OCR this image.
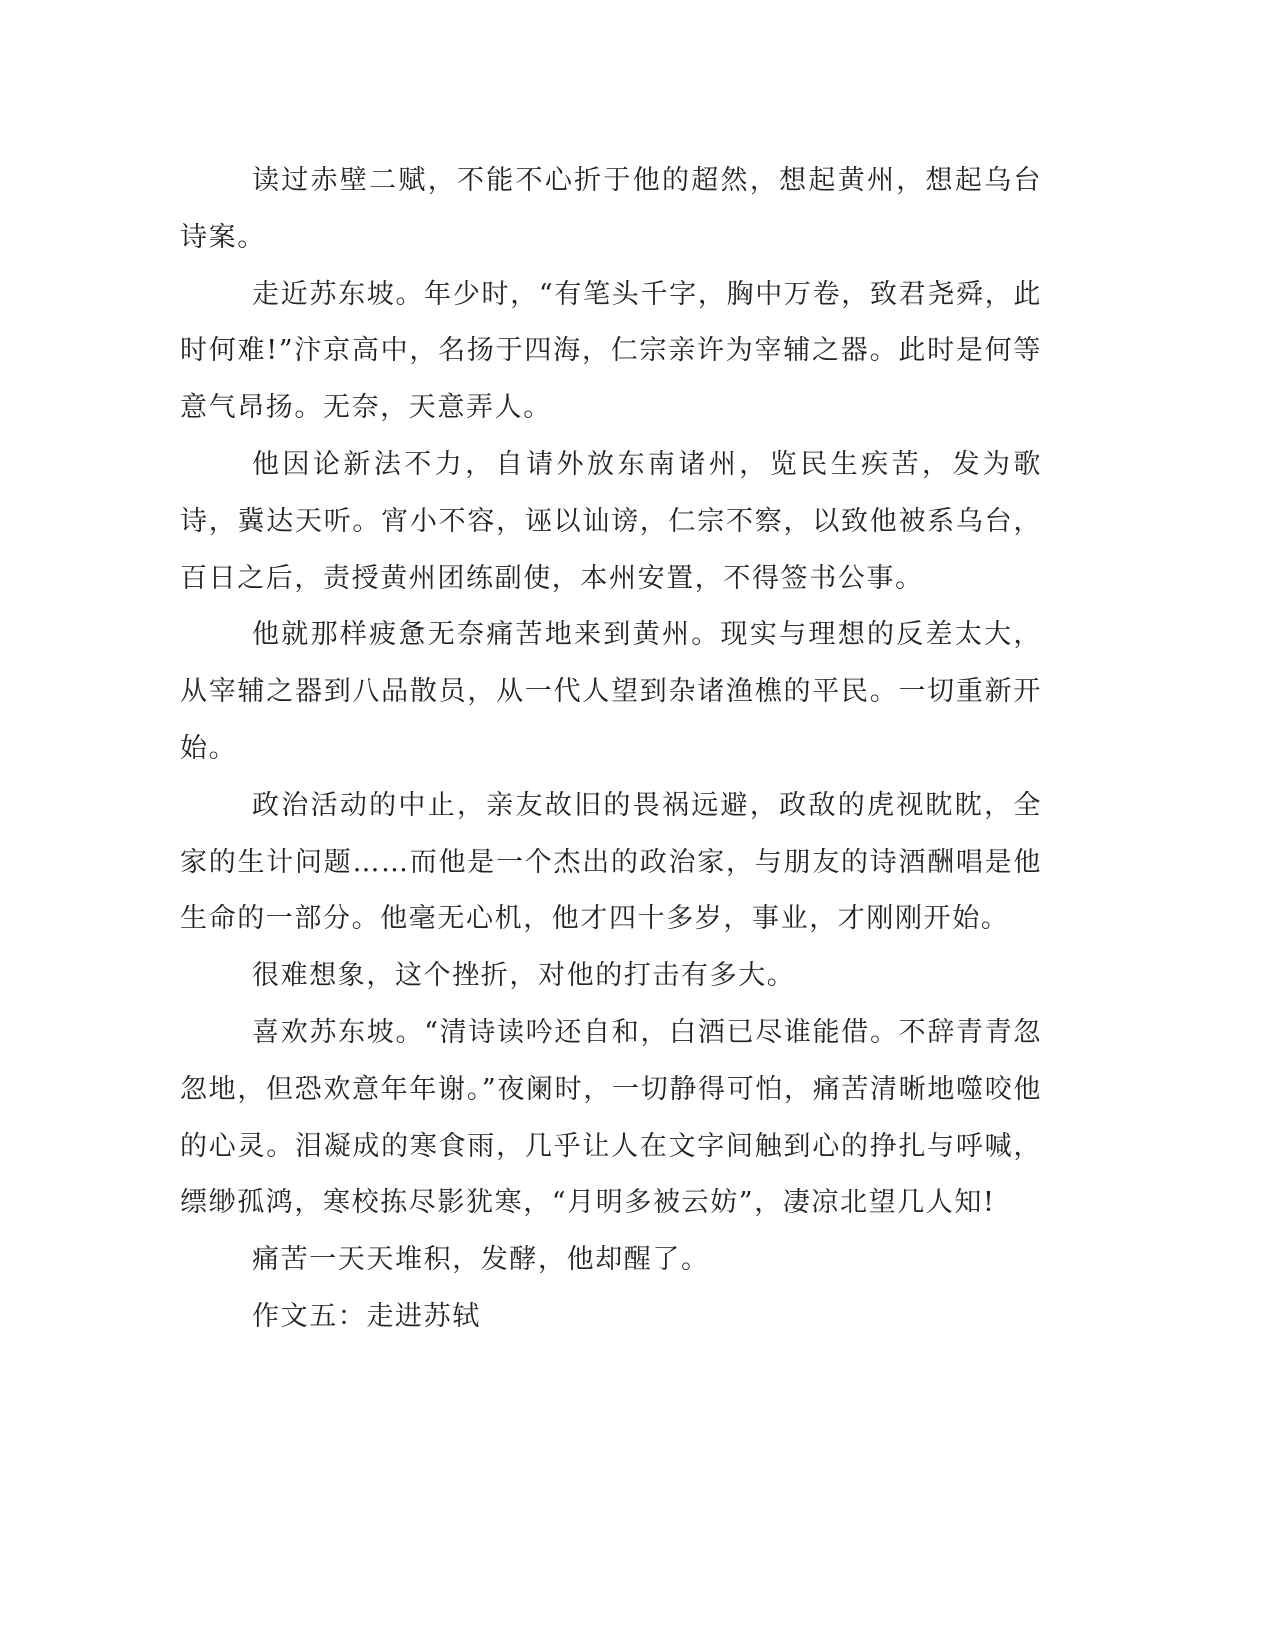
读过赤壁二赋，不能不心折于他的超然，想起黄州，想起乌台诗案。

走近苏东坡。年少时，“有笔头千字，胸中万卷，致君尧舜，此时何难!”汴京高中，名扬于四海，仁宗亲许为宰辅之器。此时是何等意气昂扬。无奈，天意弄人。

他因论新法不力，自请外放东南诸州，览民生疾苦，发为歌诗，冀达天听。宵小不容，诬以讪谤，仁宗不察，以致他被系乌台，百日之后，责授黄州团练副使，本州安置，不得签书公事。

他就那样疲惫无奈痛苦地来到黄州。现实与理想的反差太大，从宰辅之器到八品散员，从一代人望到杂诸渔樵的平民。一切重新开始。

政治活动的中止，亲友故旧的畏祸远避，政敌的虎视眈眈，全家的生计问题……而他是一个杰出的政治家，与朋友的诗酒酬唱是他生命的一部分。他毫无心机，他才四十多岁，事业，才刚刚开始。

很难想象，这个挫折，对他的打击有多大。

喜欢苏东坡。“清诗读吟还自和，白酒已尽谁能借。不辞青青忽忽地，但恐欢意年年谢。”夜阑时，一切静得可怕，痛苦清晰地噬咬他的心灵。泪凝成的寒食雨，几乎让人在文字间触到心的挣扎与呼喊，缥缈孤鸿，寒校拣尽影犹寒，“月明多被云妨”，凄凉北望几人知!

痛苦一天天堆积，发酵，他却醒了。

作文五：走进苏轼
